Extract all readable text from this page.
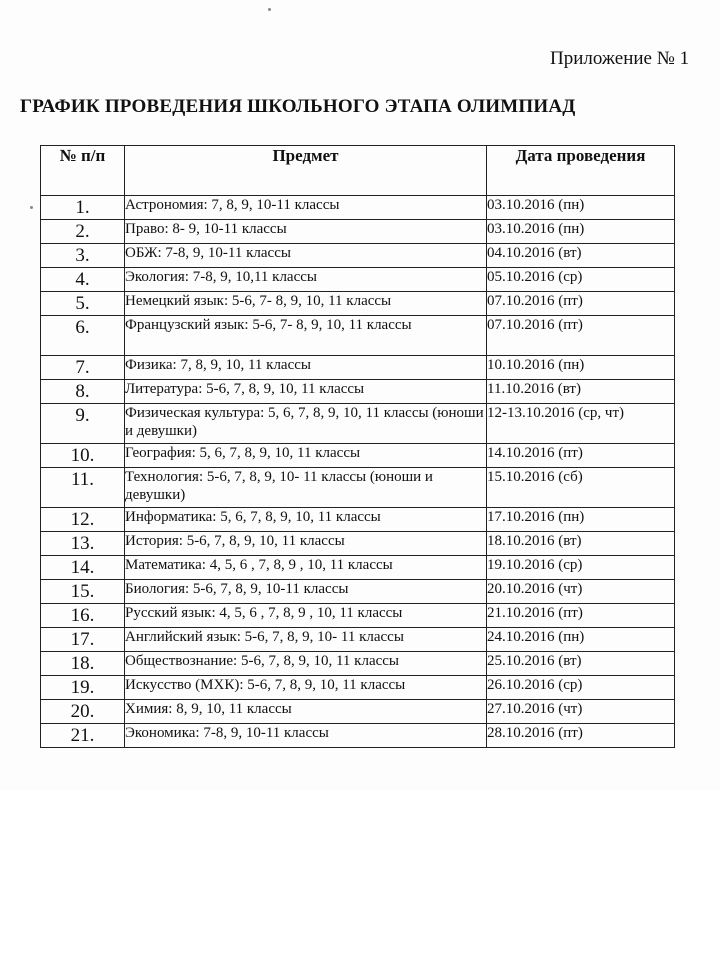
Приложение № 1
ГРАФИК ПРОВЕДЕНИЯ ШКОЛЬНОГО ЭТАПА ОЛИМПИАД
№ п/п	Предмет	Дата проведения
1.	Астрономия: 7, 8, 9, 10-11 классы	03.10.2016 (пн)
2.	Право: 8- 9, 10-11 классы	03.10.2016 (пн)
3.	ОБЖ: 7-8, 9, 10-11 классы	04.10.2016 (вт)
4.	Экология: 7-8, 9, 10,11 классы	05.10.2016 (ср)
5.	Немецкий язык: 5-6, 7- 8, 9, 10, 11 классы	07.10.2016 (пт)
6.	Французский язык: 5-6, 7- 8, 9, 10, 11 классы	07.10.2016 (пт)
7.	Физика: 7, 8, 9, 10, 11 классы	10.10.2016 (пн)
8.	Литература: 5-6, 7, 8, 9, 10, 11 классы	11.10.2016 (вт)
9.	Физическая культура: 5, 6, 7, 8, 9, 10, 11 классы (юноши и девушки)	12-13.10.2016 (ср, чт)
10.	География: 5, 6, 7, 8, 9, 10, 11 классы	14.10.2016 (пт)
11.	Технология: 5-6, 7, 8, 9, 10- 11 классы (юноши и девушки)	15.10.2016 (сб)
12.	Информатика: 5, 6, 7, 8, 9, 10, 11 классы	17.10.2016 (пн)
13.	История: 5-6, 7, 8, 9, 10, 11 классы	18.10.2016 (вт)
14.	Математика: 4, 5, 6 , 7, 8, 9 , 10, 11 классы	19.10.2016 (ср)
15.	Биология: 5-6, 7, 8, 9, 10-11 классы	20.10.2016 (чт)
16.	Русский язык: 4, 5, 6 , 7, 8, 9 , 10, 11 классы	21.10.2016 (пт)
17.	Английский язык: 5-6, 7, 8, 9, 10- 11 классы	24.10.2016 (пн)
18.	Обществознание: 5-6, 7, 8, 9, 10, 11 классы	25.10.2016 (вт)
19.	Искусство (МХК): 5-6, 7, 8, 9, 10, 11 классы	26.10.2016 (ср)
20.	Химия: 8, 9, 10, 11 классы	27.10.2016 (чт)
21.	Экономика: 7-8, 9, 10-11 классы	28.10.2016 (пт)
